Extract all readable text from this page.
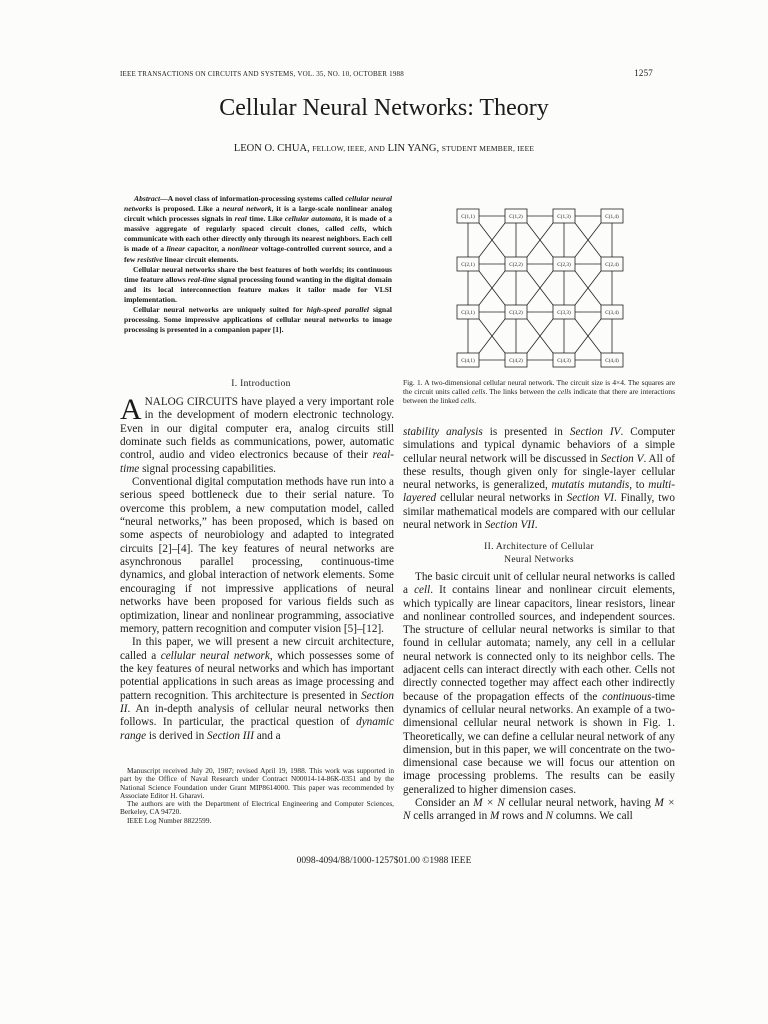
IEEE TRANSACTIONS ON CIRCUITS AND SYSTEMS, VOL. 35, NO. 10, OCTOBER 1988	1257
Cellular Neural Networks: Theory
LEON O. CHUA, FELLOW, IEEE, AND LIN YANG, STUDENT MEMBER, IEEE

Abstract—A novel class of information-processing systems called cellular neural networks is proposed. Like a neural network, it is a large-scale nonlinear analog circuit which processes signals in real time. Like cellular automata, it is made of a massive aggregate of regularly spaced circuit clones, called cells, which communicate with each other directly only through its nearest neighbors. Each cell is made of a linear capacitor, a nonlinear voltage-controlled current source, and a few resistive linear circuit elements.

Cellular neural networks share the best features of both worlds; its continuous time feature allows real-time signal processing found wanting in the digital domain and its local interconnection feature makes it tailor made for VLSI implementation.

Cellular neural networks are uniquely suited for high-speed parallel signal processing. Some impressive applications of cellular neural networks to image processing is presented in a companion paper [1].

I. Introduction

ANALOG CIRCUITS have played a very important role in the development of modern electronic technology. Even in our digital computer era, analog circuits still dominate such fields as communications, power, automatic control, audio and video electronics because of their real-time signal processing capabilities.

Conventional digital computation methods have run into a serious speed bottleneck due to their serial nature. To overcome this problem, a new computation model, called “neural networks,” has been proposed, which is based on some aspects of neurobiology and adapted to integrated circuits [2]–[4]. The key features of neural networks are asynchronous parallel processing, continuous-time dynamics, and global interaction of network elements. Some encouraging if not impressive applications of neural networks have been proposed for various fields such as optimization, linear and nonlinear programming, associative memory, pattern recognition and computer vision [5]–[12].

In this paper, we will present a new circuit architecture, called a cellular neural network, which possesses some of the key features of neural networks and which has important potential applications in such areas as image processing and pattern recognition. This architecture is presented in Section II. An in-depth analysis of cellular neural networks then follows. In particular, the practical question of dynamic range is derived in Section III and a

Manuscript received July 20, 1987; revised April 19, 1988. This work was supported in part by the Office of Naval Research under Contract N00014-14-86K-0351 and by the National Science Foundation under Grant MIP8614000. This paper was recommended by Associate Editor H. Gharavi.

The authors are with the Department of Electrical Engineering and Computer Sciences, Berkeley, CA 94720.

IEEE Log Number 8822599.

C(1,1)	C(1,2)	C(1,3)	C(1,4)
C(2,1)	C(2,2)	C(2,3)	C(2,4)
C(3,1)	C(3,2)	C(3,3)	C(3,4)
C(4,1)	C(4,2)	C(4,3)	C(4,4)
Fig. 1. A two-dimensional cellular neural network. The circuit size is 4×4. The squares are the circuit units called cells. The links between the cells indicate that there are interactions between the linked cells.

stability analysis is presented in Section IV. Computer simulations and typical dynamic behaviors of a simple cellular neural network will be discussed in Section V. All of these results, though given only for single-layer cellular neural networks, is generalized, mutatis mutandis, to multi-layered cellular neural networks in Section VI. Finally, two similar mathematical models are compared with our cellular neural network in Section VII.

II. Architecture of Cellular
Neural Networks

The basic circuit unit of cellular neural networks is called a cell. It contains linear and nonlinear circuit elements, which typically are linear capacitors, linear resistors, linear and nonlinear controlled sources, and independent sources. The structure of cellular neural networks is similar to that found in cellular automata; namely, any cell in a cellular neural network is connected only to its neighbor cells. The adjacent cells can interact directly with each other. Cells not directly connected together may affect each other indirectly because of the propagation effects of the continuous-time dynamics of cellular neural networks. An example of a two-dimensional cellular neural network is shown in Fig. 1. Theoretically, we can define a cellular neural network of any dimension, but in this paper, we will concentrate on the two-dimensional case because we will focus our attention on image processing problems. The results can be easily generalized to higher dimension cases.

Consider an M × N cellular neural network, having M × N cells arranged in M rows and N columns. We call

0098-4094/88/1000-1257$01.00 ©1988 IEEE
